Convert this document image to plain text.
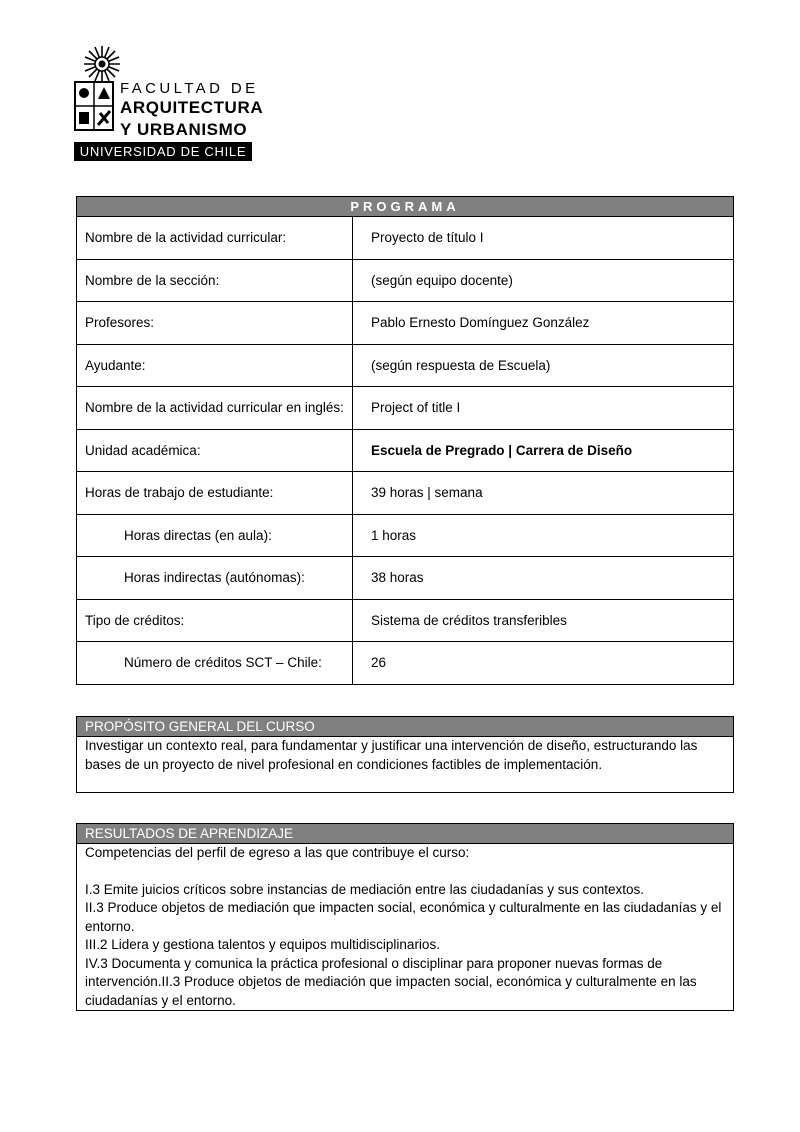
FACULTAD DE
ARQUITECTURA
Y URBANISMO
UNIVERSIDAD DE CHILE
PROGRAMA	
Nombre de la actividad curricular:	Proyecto de título I
Nombre de la sección:	(según equipo docente)
Profesores:	Pablo Ernesto Domínguez González
Ayudante:	(según respuesta de Escuela)
Nombre de la actividad curricular en inglés:	Project of title I
Unidad académica:	Escuela de Pregrado | Carrera de Diseño
Horas de trabajo de estudiante:	39 horas | semana
Horas directas (en aula):	1 horas
Horas indirectas (autónomas):	38 horas
Tipo de créditos:	Sistema de créditos transferibles
Número de créditos SCT – Chile:	26
PROPÓSITO GENERAL DEL CURSO

Investigar un contexto real, para fundamentar y justificar una intervención de diseño, estructurando las bases de un proyecto de nivel profesional en condiciones factibles de implementación.

RESULTADOS DE APRENDIZAJE

Competencias del perfil de egreso a las que contribuye el curso:

I.3 Emite juicios críticos sobre instancias de mediación entre las ciudadanías y sus contextos.

II.3 Produce objetos de mediación que impacten social, económica y culturalmente en las ciudadanías y el entorno.

III.2 Lidera y gestiona talentos y equipos multidisciplinarios.

IV.3 Documenta y comunica la práctica profesional o disciplinar para proponer nuevas formas de intervención.II.3 Produce objetos de mediación que impacten social, económica y culturalmente en las ciudadanías y el entorno.
